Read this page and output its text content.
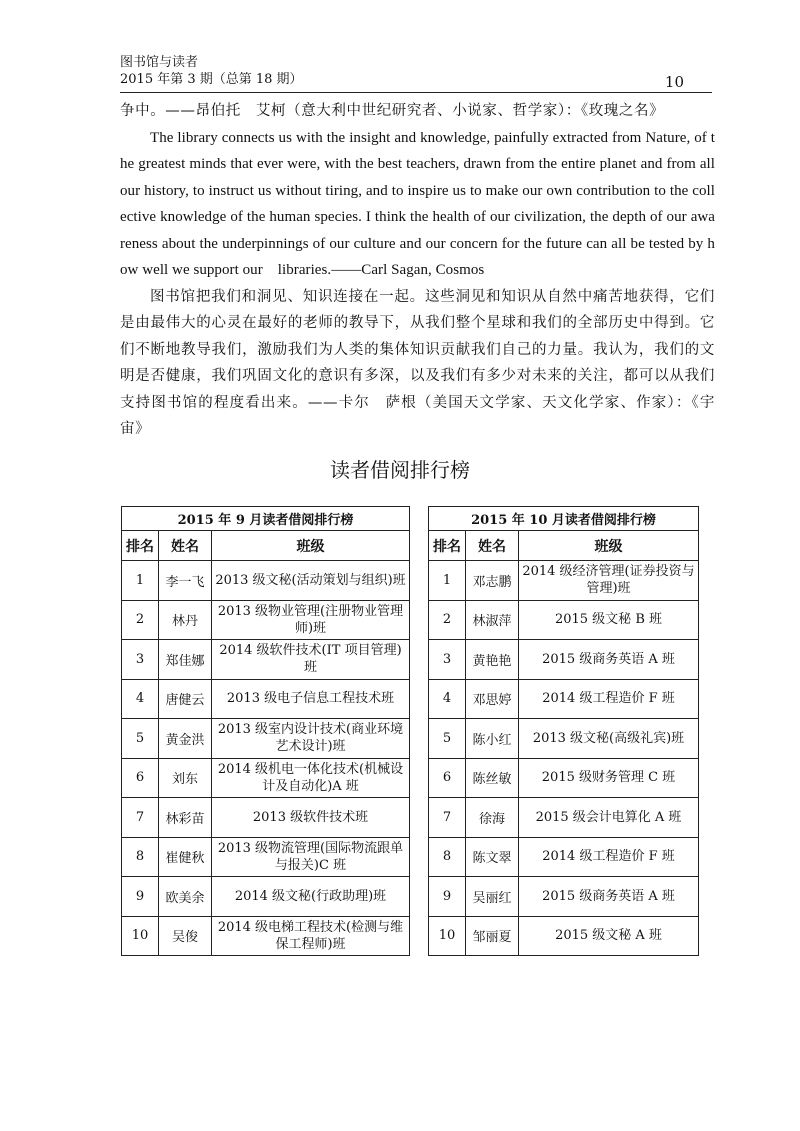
图书馆与读者
2015 年第 3 期（总第 18 期）	10

争中。——昂伯托　艾柯（意大利中世纪研究者、小说家、哲学家）：《玫瑰之名》

The library connects us with the insight and knowledge, painfully extracted from Nature, of the greatest minds that ever were, with the best teachers, drawn from the entire planet and from all our history, to instruct us without tiring, and to inspire us to make our own contribution to the collective knowledge of the human species. I think the health of our civilization, the depth of our awareness about the underpinnings of our culture and our concern for the future can all be tested by how well we support our　libraries.——Carl Sagan, Cosmos

图书馆把我们和洞见、知识连接在一起。这些洞见和知识从自然中痛苦地获得，它们是由最伟大的心灵在最好的老师的教导下，从我们整个星球和我们的全部历史中得到。它们不断地教导我们，激励我们为人类的集体知识贡献我们自己的力量。我认为，我们的文明是否健康，我们巩固文化的意识有多深，以及我们有多少对未来的关注，都可以从我们支持图书馆的程度看出来。——卡尔　萨根（美国天文学家、天文化学家、作家）：《宇宙》

读者借阅排行榜
2015 年 9 月读者借阅排行榜		
排名	姓名	班级
1	李一飞	2013 级文秘(活动策划与组织)班
2	林丹	2013 级物业管理(注册物业管理师)班
3	郑佳娜	2014 级软件技术(IT 项目管理)班
4	唐健云	2013 级电子信息工程技术班
5	黄金洪	2013 级室内设计技术(商业环境艺术设计)班
6	刘东	2014 级机电一体化技术(机械设计及自动化)A 班
7	林彩苗	2013 级软件技术班
8	崔健秋	2013 级物流管理(国际物流跟单与报关)C 班
9	欧美余	2014 级文秘(行政助理)班
10	吴俊	2014 级电梯工程技术(检测与维保工程师)班
2015 年 10 月读者借阅排行榜		
排名	姓名	班级
1	邓志鹏	2014 级经济管理(证券投资与管理)班
2	林淑萍	2015 级文秘 B 班
3	黄艳艳	2015 级商务英语 A 班
4	邓思婷	2014 级工程造价 F 班
5	陈小红	2013 级文秘(高级礼宾)班
6	陈丝敏	2015 级财务管理 C 班
7	徐海	2015 级会计电算化 A 班
8	陈文翠	2014 级工程造价 F 班
9	吴丽红	2015 级商务英语 A 班
10	邹丽夏	2015 级文秘 A 班
